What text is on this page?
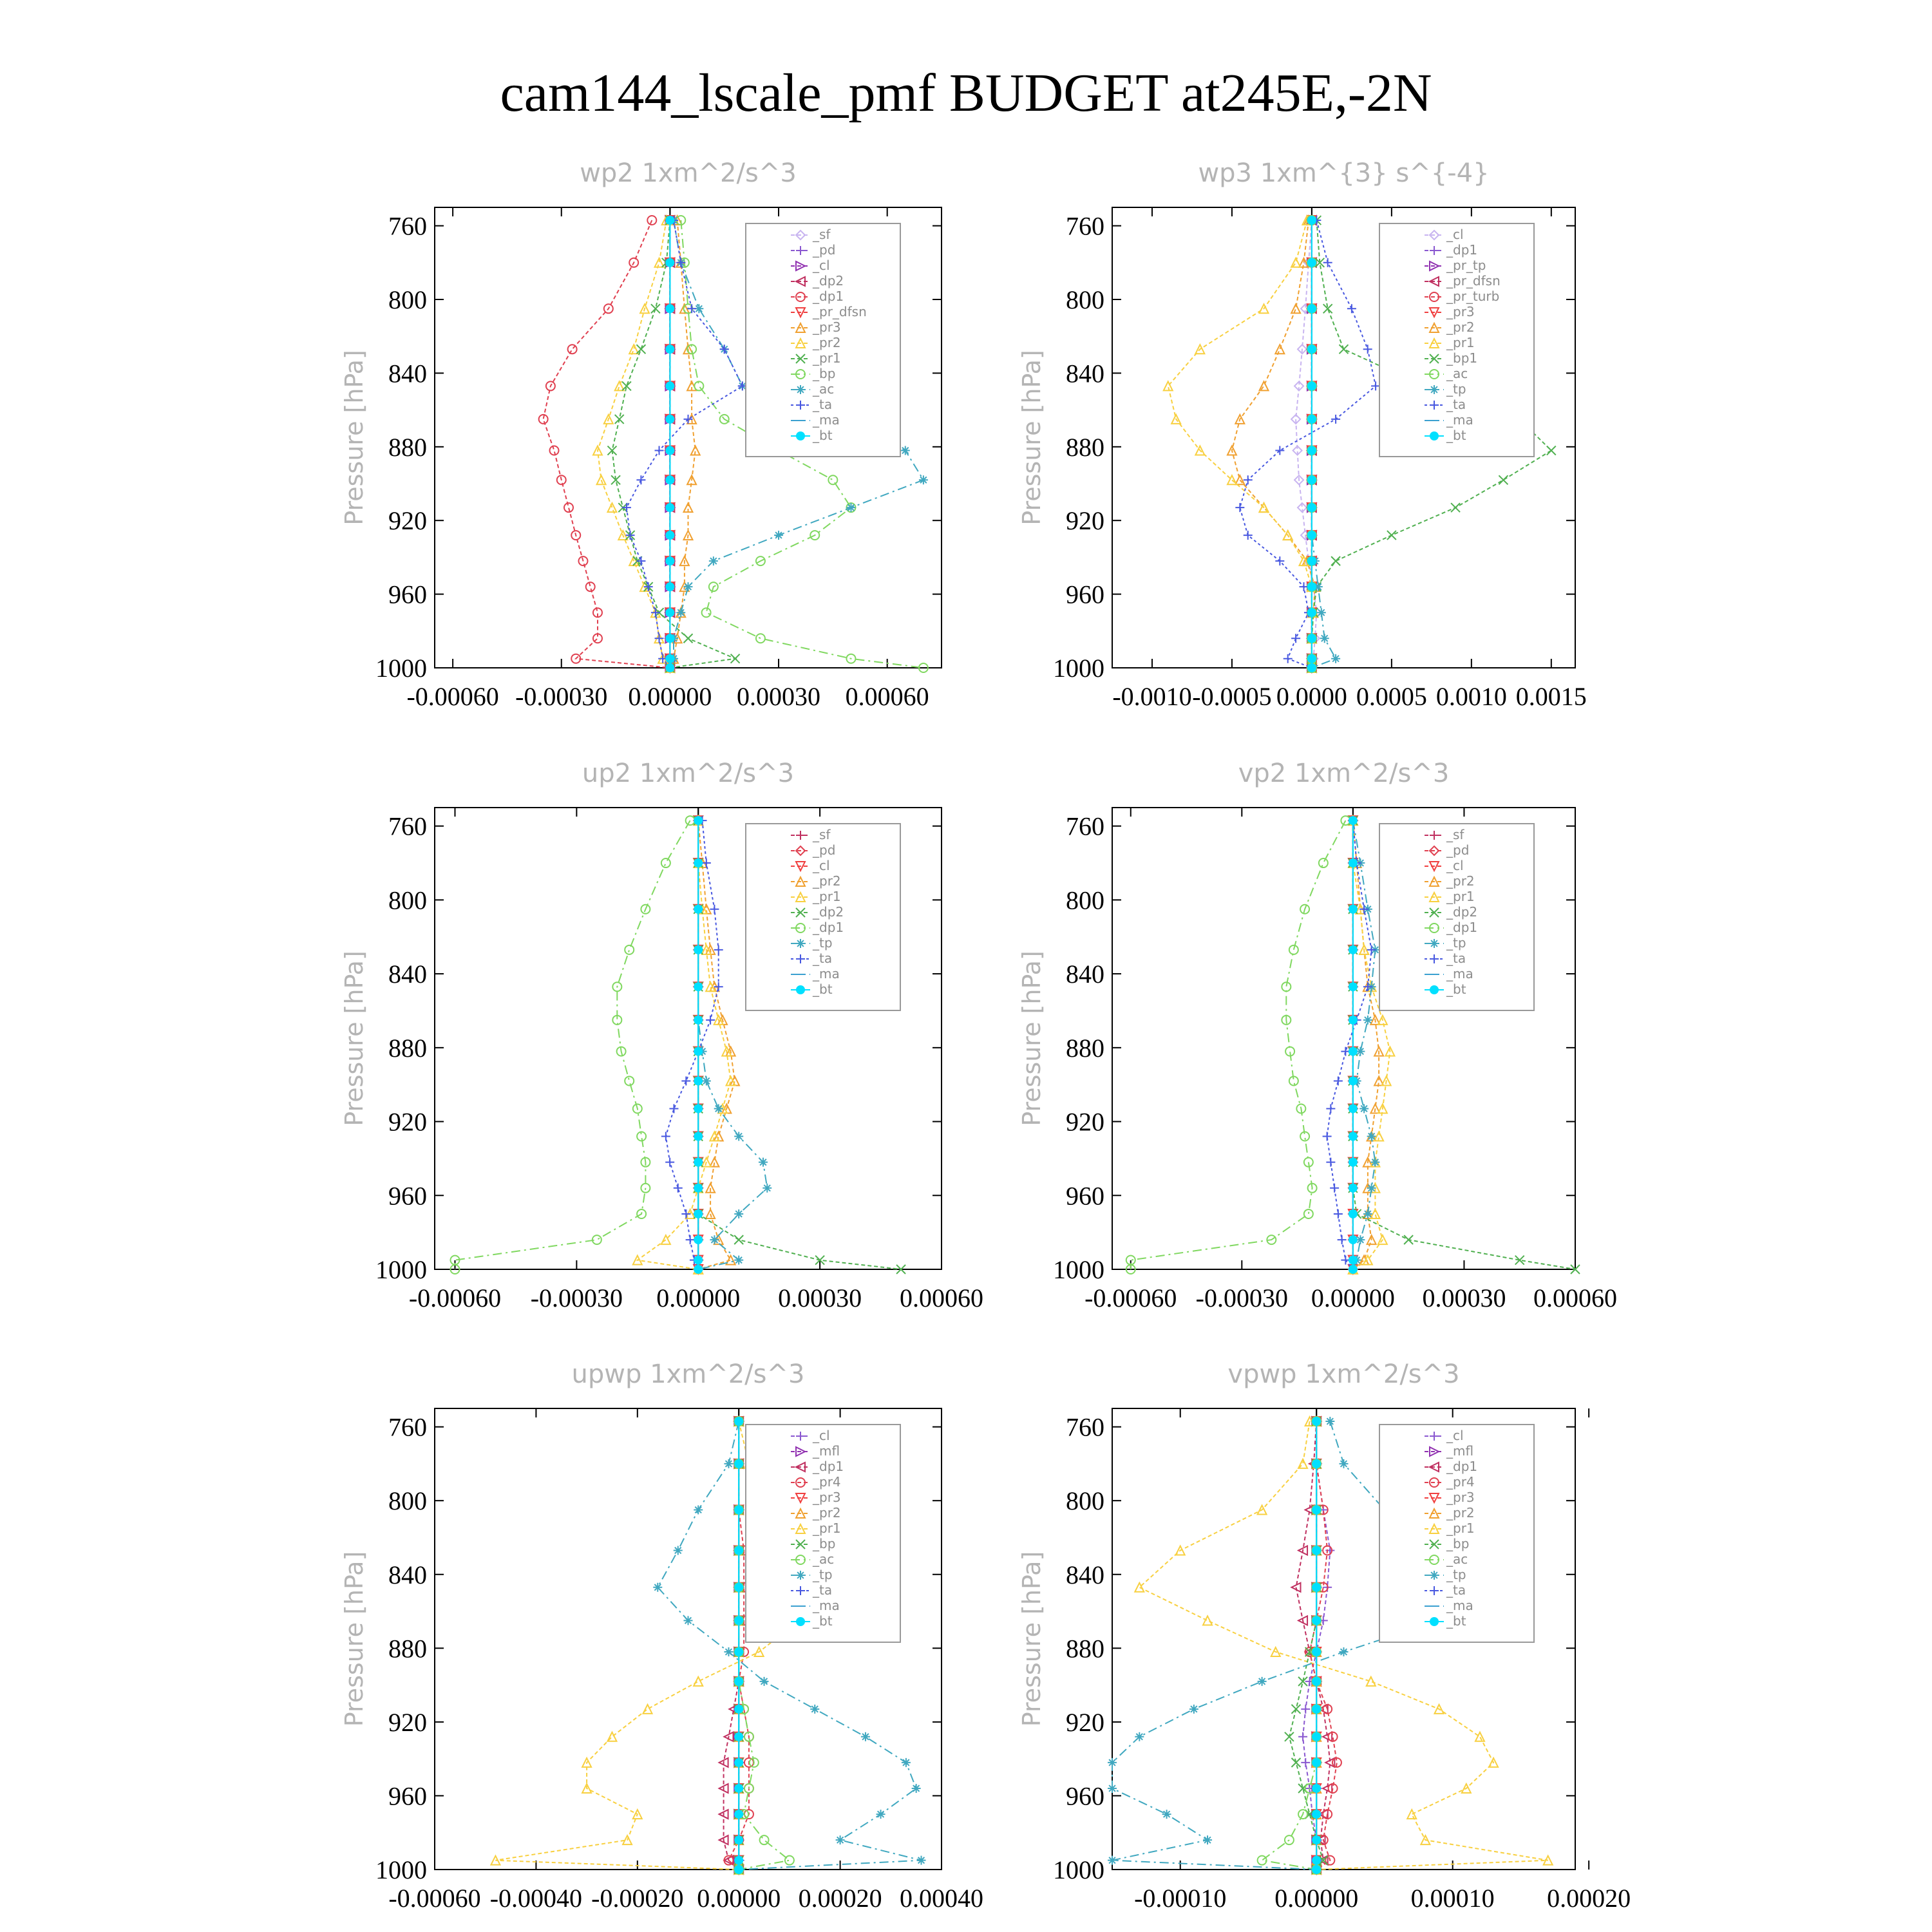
cam144_lscale_pmf BUDGET at245E,-2N
wp2 1xm^2/s^3
Pressure [hPa]
760
800
840
880
920
960
1000
-0.00060 -0.00030 0.00000 0.00030 0.00060
_sf
_pd
_cl
_dp2
_dp1
_pr_dfsn
_pr3
_pr2
_pr1
_bp
_ac
_ta
_ma
_bt
wp3 1xm^{3} s^{-4}
Pressure [hPa]
760
800
840
880
920
960
1000
-0.0010 -0.0005 0.0000 0.0005 0.0010 0.0015
_cl
_dp1
_pr_tp
_pr_dfsn
_pr_turb
_pr3
_pr2
_pr1
_bp1
_ac
_tp
_ta
_ma
_bt
up2 1xm^2/s^3
Pressure [hPa]
760
800
840
880
920
960
1000
-0.00060 -0.00030 0.00000 0.00030 0.00060
_sf
_pd
_cl
_pr2
_pr1
_dp2
_dp1
_tp
_ta
_ma
_bt
vp2 1xm^2/s^3
Pressure [hPa]
760
800
840
880
920
960
1000
-0.00060 -0.00030 0.00000 0.00030 0.00060
_sf
_pd
_cl
_pr2
_pr1
_dp2
_dp1
_tp
_ta
_ma
_bt
upwp 1xm^2/s^3
Pressure [hPa]
760
800
840
880
920
960
1000
-0.00060 -0.00040 -0.00020 0.00000 0.00020 0.00040
_cl
_mfl
_dp1
_pr4
_pr3
_pr2
_pr1
_bp
_ac
_tp
_ta
_ma
_bt
vpwp 1xm^2/s^3
Pressure [hPa]
760
800
840
880
920
960
1000
-0.00010 0.00000 0.00010 0.00020
_cl
_mfl
_dp1
_pr4
_pr3
_pr2
_pr1
_bp
_ac
_tp
_ta
_ma
_bt
